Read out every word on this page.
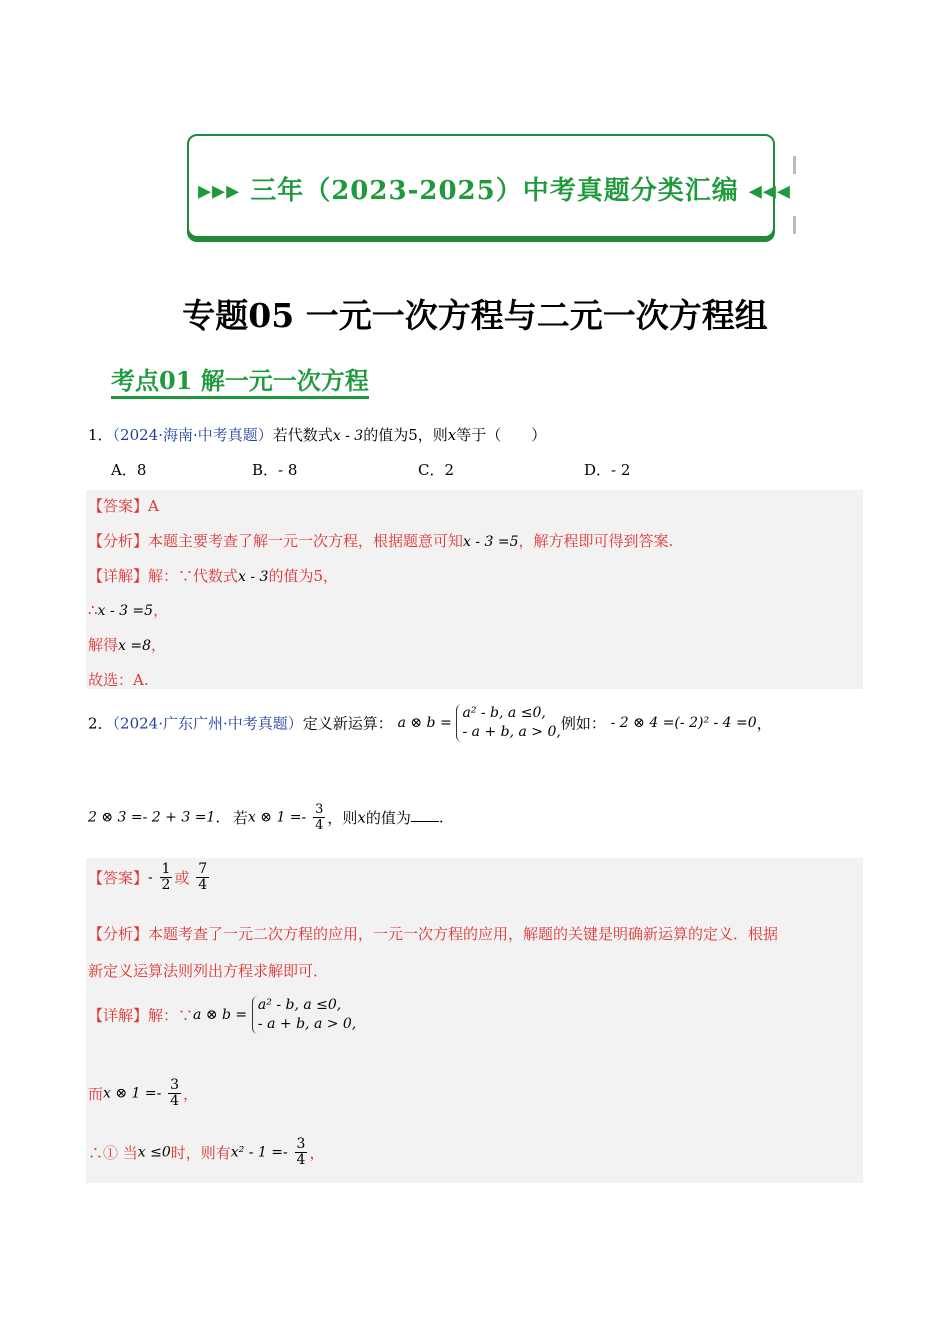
▸▸▸ 三年（2023-2025）中考真题分类汇编 ◂◂◂
专题05 一元一次方程与二元一次方程组
考点01 解一元一次方程
1．（2024·海南·中考真题）若代数式x - 3的值为5，则x等于（　　）
A．8	B．- 8	C．2	D．- 2
【答案】A
【分析】本题主要考查了解一元一次方程，根据题意可知x - 3 =5，解方程即可得到答案.
【详解】解：∵代数式x - 3的值为5，
∴x - 3 =5，
解得x =8，
故选：A.
2．（2024·广东广州·中考真题）定义新运算： a ⊗ b = a² - b, a ≤0,
- a + b, a > 0,例如： - 2 ⊗ 4 =(- 2)² - 4 =0，
2 ⊗ 3 =- 2 + 3 =1. 若x ⊗ $1 =- \frac{3}{4}$ ，则x的值为 .
【答案】- $\frac{1}{2}$ 或 $\frac{7}{4}$
【分析】本题考查了一元二次方程的应用，一元一次方程的应用，解题的关键是明确新运算的定义．根据
新定义运算法则列出方程求解即可．
【详解】解：∵a ⊗ b = a² - b, a ≤0,
- a + b, a > 0,
而x ⊗ $1 =- \frac{3}{4}$ ，
∴① 当x ≤0时，则有$x^2 - 1 =- \frac{3}{4}$ ，
